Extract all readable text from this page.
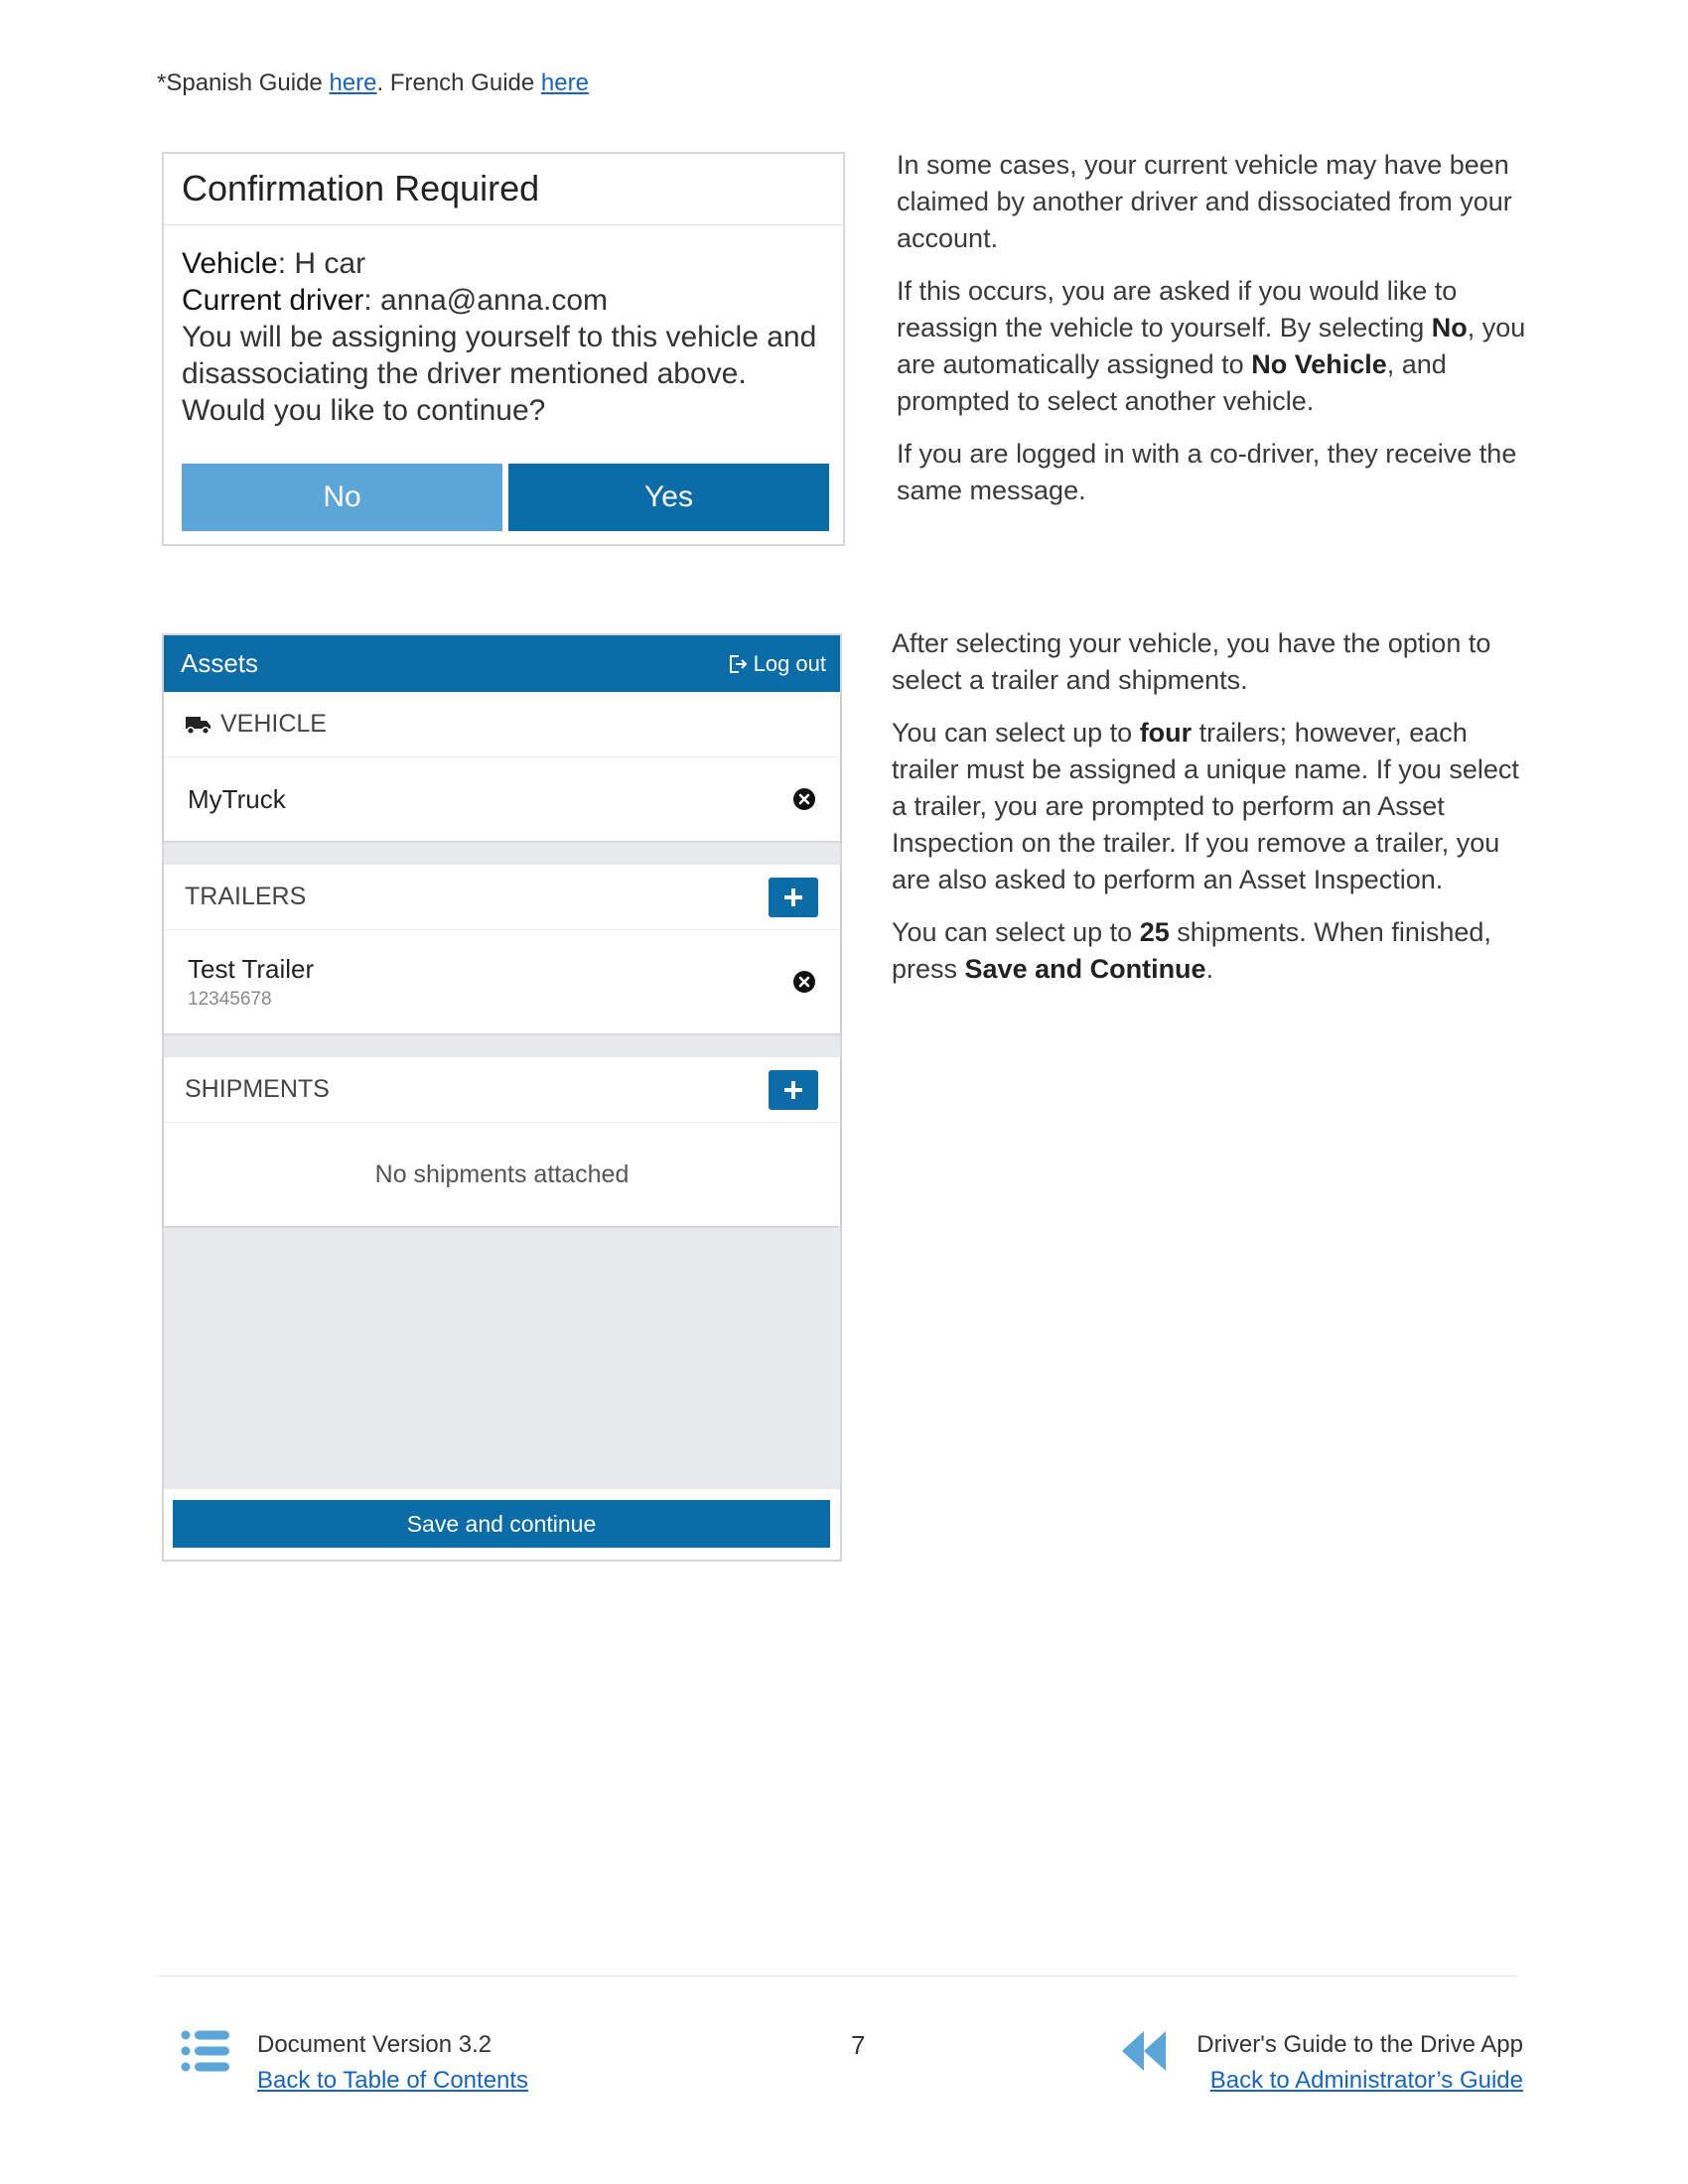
*Spanish Guide here. French Guide here
Confirmation Required
Vehicle: H car
Current driver: anna@anna.com
You will be assigning yourself to this vehicle and
disassociating the driver mentioned above.
Would you like to continue?
No	Yes

In some cases, your current vehicle may have been claimed by another driver and dissociated from your account.

If this occurs, you are asked if you would like to reassign the vehicle to yourself. By selecting No, you are automatically assigned to No Vehicle, and prompted to select another vehicle.

If you are logged in with a co-driver, they receive the same message.

Assets	Log out
VEHICLE
MyTruck
TRAILERS
Test Trailer
12345678
SHIPMENTS
No shipments attached
Save and continue

After selecting your vehicle, you have the option to select a trailer and shipments.

You can select up to four trailers; however, each trailer must be assigned a unique name. If you select a trailer, you are prompted to perform an Asset Inspection on the trailer. If you remove a trailer, you are also asked to perform an Asset Inspection.

You can select up to 25 shipments. When finished, press Save and Continue.

Document Version 3.2
Back to Table of Contents
7	Driver's Guide to the Drive App
Back to Administrator’s Guide
